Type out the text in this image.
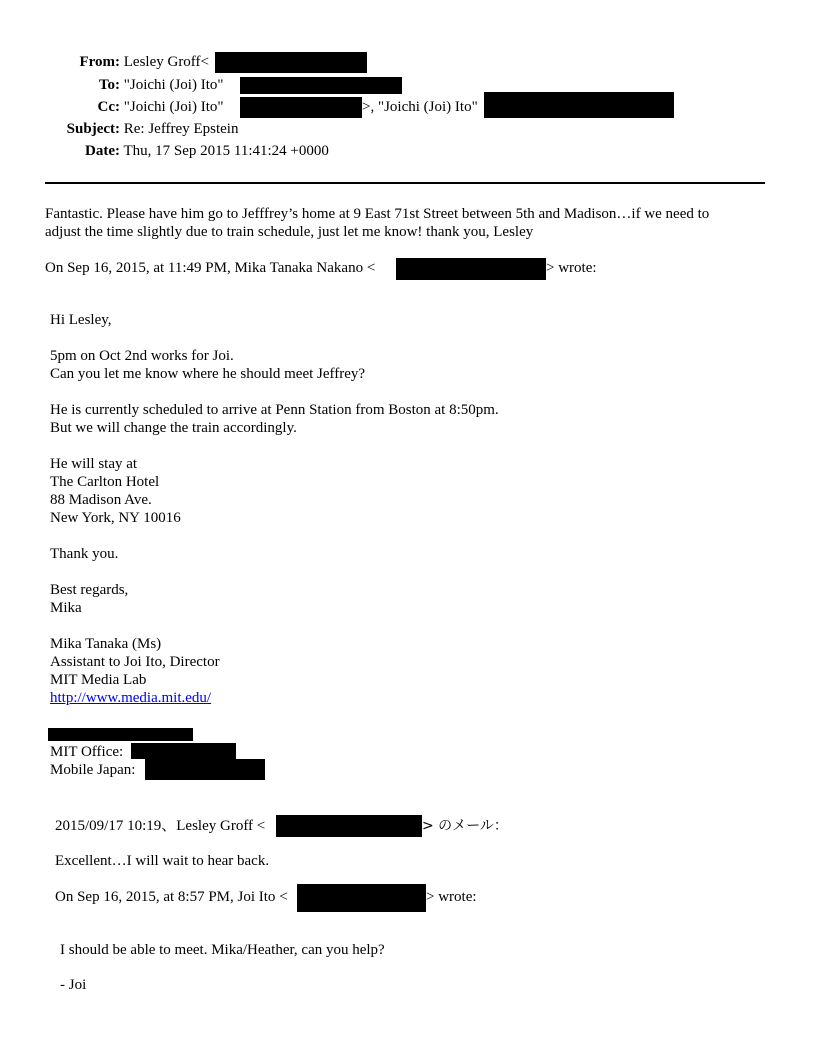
From: Lesley Groff<
To: "Joichi (Joi) Ito"
Cc: "Joichi (Joi) Ito"	>, "Joichi (Joi) Ito"
Subject: Re: Jeffrey Epstein
Date: Thu, 17 Sep 2015 11:41:24 +0000
Fantastic. Please have him go to Jefffrey’s home at 9 East 71st Street between 5th and Madison…if we need to
adjust the time slightly due to train schedule, just let me know! thank you, Lesley
On Sep 16, 2015, at 11:49 PM, Mika Tanaka Nakano <	> wrote:
Hi Lesley,
5pm on Oct 2nd works for Joi.
Can you let me know where he should meet Jeffrey?
He is currently scheduled to arrive at Penn Station from Boston at 8:50pm.
But we will change the train accordingly.
He will stay at
The Carlton Hotel
88 Madison Ave.
New York, NY 10016
Thank you.
Best regards,
Mika
Mika Tanaka (Ms)
Assistant to Joi Ito, Director
MIT Media Lab
http://www.media.mit.edu/
MIT Office:
Mobile Japan:
2015/09/17 10:19、Lesley Groff <	> のメール：
Excellent…I will wait to hear back.
On Sep 16, 2015, at 8:57 PM, Joi Ito <	> wrote:
I should be able to meet. Mika/Heather, can you help?
- Joi
